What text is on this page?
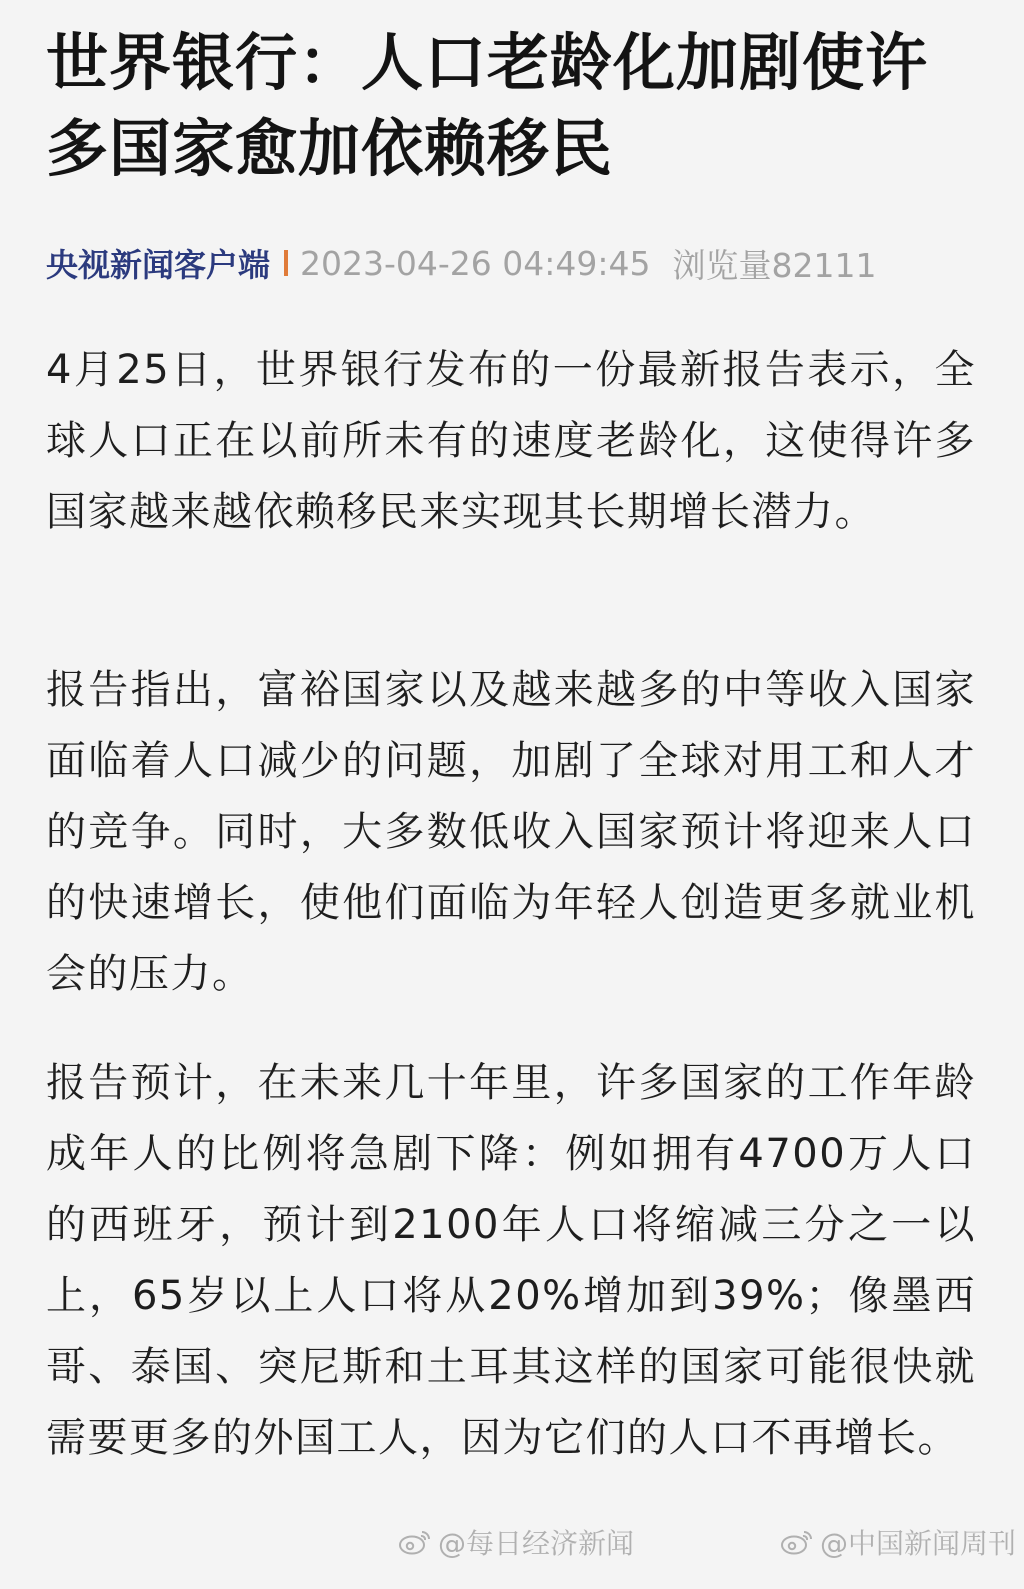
世界银行：人口老龄化加剧使许多国家愈加依赖移民
央视新闻客户端 2023-04-26 04:49:45 浏览量82111

4月25日，世界银行发布的一份最新报告表示，全球人口正在以前所未有的速度老龄化，这使得许多国家越来越依赖移民来实现其长期增长潜力。

报告指出，富裕国家以及越来越多的中等收入国家面临着人口减少的问题，加剧了全球对用工和人才的竞争。同时，大多数低收入国家预计将迎来人口的快速增长，使他们面临为年轻人创造更多就业机会的压力。

报告预计，在未来几十年里，许多国家的工作年龄成年人的比例将急剧下降：例如拥有4700万人口的西班牙，预计到2100年人口将缩减三分之一以上，65岁以上人口将从20%增加到39%；像墨西哥、泰国、突尼斯和土耳其这样的国家可能很快就需要更多的外国工人，因为它们的人口不再增长。

@每日经济新闻	@中国新闻周刊
